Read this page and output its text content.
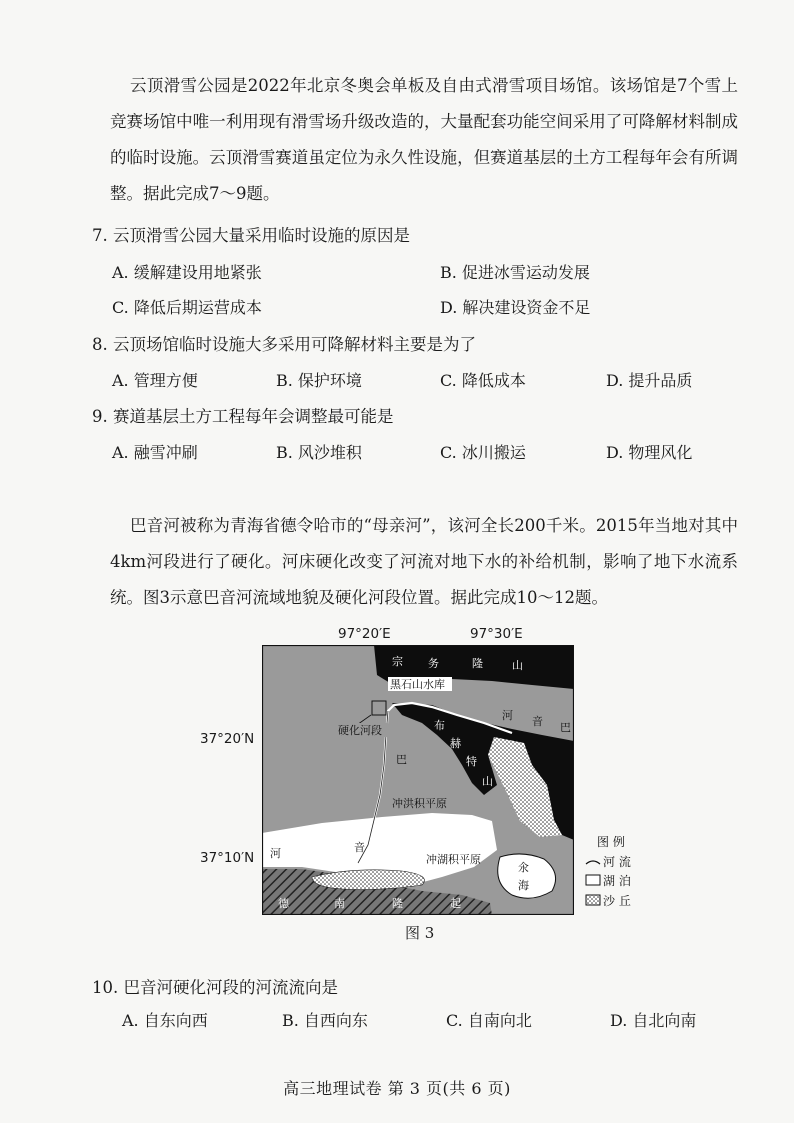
云顶滑雪公园是2022年北京冬奥会单板及自由式滑雪项目场馆。该场馆是7个雪上竞赛场馆中唯一利用现有滑雪场升级改造的，大量配套功能空间采用了可降解材料制成的临时设施。云顶滑雪赛道虽定位为永久性设施，但赛道基层的土方工程每年会有所调整。据此完成7～9题。
7. 云顶滑雪公园大量采用临时设施的原因是
A. 缓解建设用地紧张	B. 促进冰雪运动发展
C. 降低后期运营成本	D. 解决建设资金不足
8. 云顶场馆临时设施大多采用可降解材料主要是为了
A. 管理方便	B. 保护环境	C. 降低成本	D. 提升品质
9. 赛道基层土方工程每年会调整最可能是
A. 融雪冲刷	B. 风沙堆积	C. 冰川搬运	D. 物理风化
巴音河被称为青海省德令哈市的“母亲河”，该河全长200千米。2015年当地对其中4km河段进行了硬化。河床硬化改变了河流对地下水的补给机制，影响了地下水流系统。图3示意巴音河流域地貌及硬化河段位置。据此完成10～12题。
97°20′E	97°30′E
37°20′N
37°10′N
宗 务	隆	山
黑石山水库
硬化河段
河 音 巴
布
赫
特
山
巴
音
河
冲洪积平原
冲湖积平原
氽
海
德	南	隆	起
图 例
河 流
湖 泊
沙 丘
图 3
10. 巴音河硬化河段的河流流向是
A. 自东向西	B. 自西向东	C. 自南向北	D. 自北向南
高三地理试卷 第 3 页(共 6 页)
